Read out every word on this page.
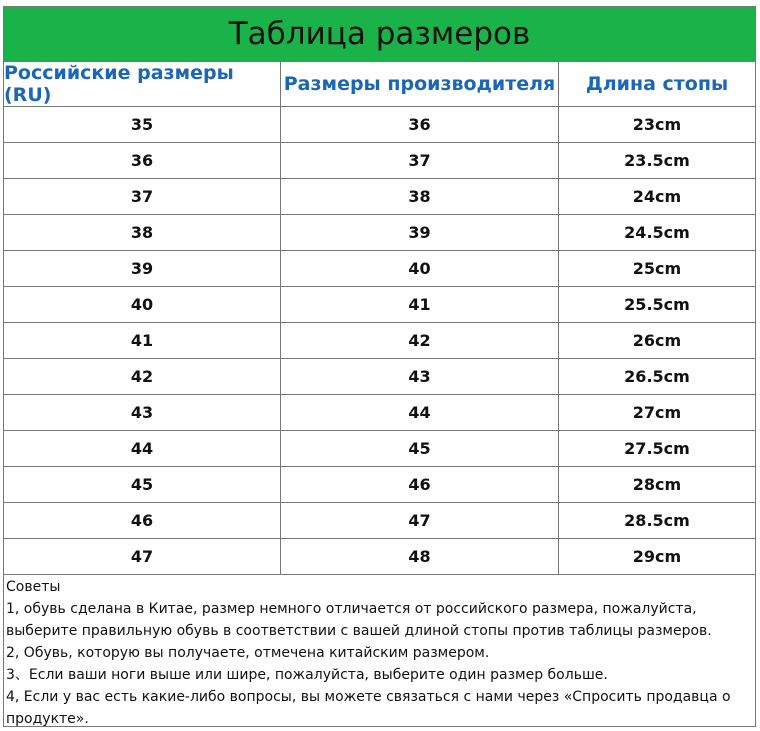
Таблица размеров
Российские размеры (RU)	Размеры производителя	Длина стопы
35	36	23cm
36	37	23.5cm
37	38	24cm
38	39	24.5cm
39	40	25cm
40	41	25.5cm
41	42	26cm
42	43	26.5cm
43	44	27cm
44	45	27.5cm
45	46	28cm
46	47	28.5cm
47	48	29cm
Советы
1, обувь сделана в Китае, размер немного отличается от российского размера, пожалуйста, выберите правильную обувь в соответствии с вашей длиной стопы против таблицы размеров.
2, Обувь, которую вы получаете, отмечена китайским размером.
3、Если ваши ноги выше или шире, пожалуйста, выберите один размер больше.
4, Если у вас есть какие-либо вопросы, вы можете связаться с нами через «Спросить продавца о продукте».
